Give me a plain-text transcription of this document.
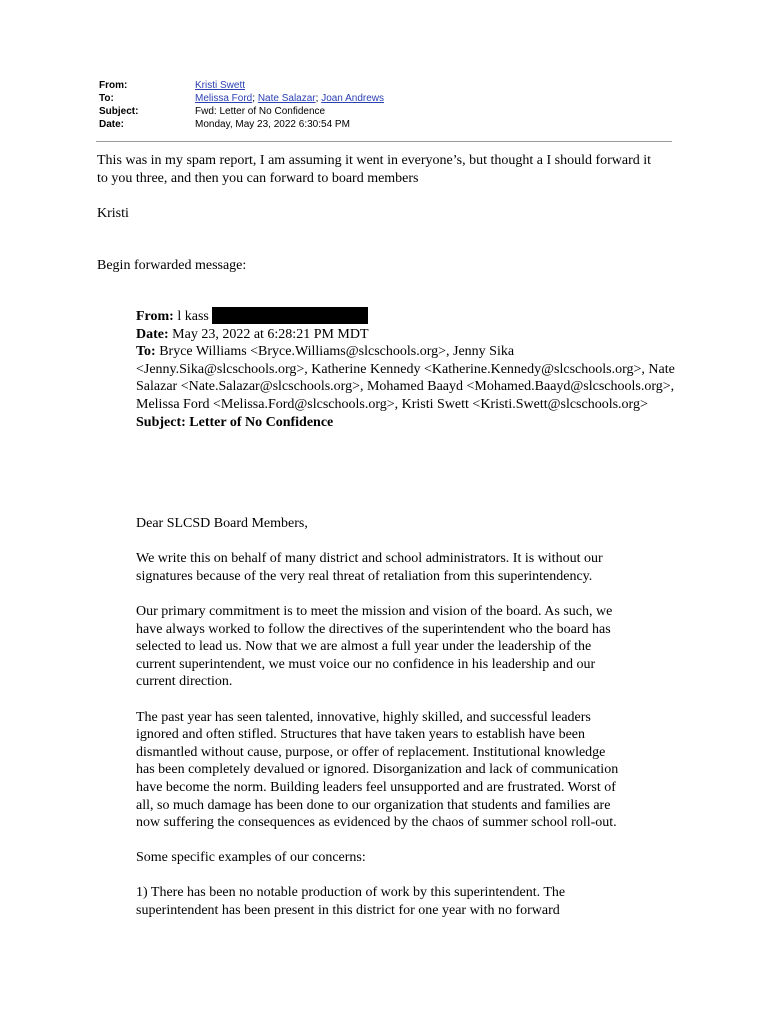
From:	Kristi Swett
To:	Melissa Ford; Nate Salazar; Joan Andrews
Subject:	Fwd: Letter of No Confidence
Date:	Monday, May 23, 2022 6:30:54 PM
This was in my spam report, I am assuming it went in everyone’s, but thought a I should forward it to you three, and then you can forward to board members
Kristi
Begin forwarded message:

From: l kass

Date: May 23, 2022 at 6:28:21 PM MDT

To: Bryce Williams <Bryce.Williams@slcschools.org>, Jenny Sika <Jenny.Sika@slcschools.org>, Katherine Kennedy <Katherine.Kennedy@slcschools.org>, Nate Salazar <Nate.Salazar@slcschools.org>, Mohamed Baayd <Mohamed.Baayd@slcschools.org>, Melissa Ford <Melissa.Ford@slcschools.org>, Kristi Swett <Kristi.Swett@slcschools.org>

Subject: Letter of No Confidence

Dear SLCSD Board Members,

We write this on behalf of many district and school administrators. It is without our signatures because of the very real threat of retaliation from this superintendency.

Our primary commitment is to meet the mission and vision of the board. As such, we have always worked to follow the directives of the superintendent who the board has selected to lead us. Now that we are almost a full year under the leadership of the current superintendent, we must voice our no confidence in his leadership and our current direction.

The past year has seen talented, innovative, highly skilled, and successful leaders ignored and often stifled. Structures that have taken years to establish have been dismantled without cause, purpose, or offer of replacement. Institutional knowledge has been completely devalued or ignored. Disorganization and lack of communication have become the norm. Building leaders feel unsupported and are frustrated. Worst of all, so much damage has been done to our organization that students and families are now suffering the consequences as evidenced by the chaos of summer school roll-out.

Some specific examples of our concerns:

1) There has been no notable production of work by this superintendent. The superintendent has been present in this district for one year with no forward
